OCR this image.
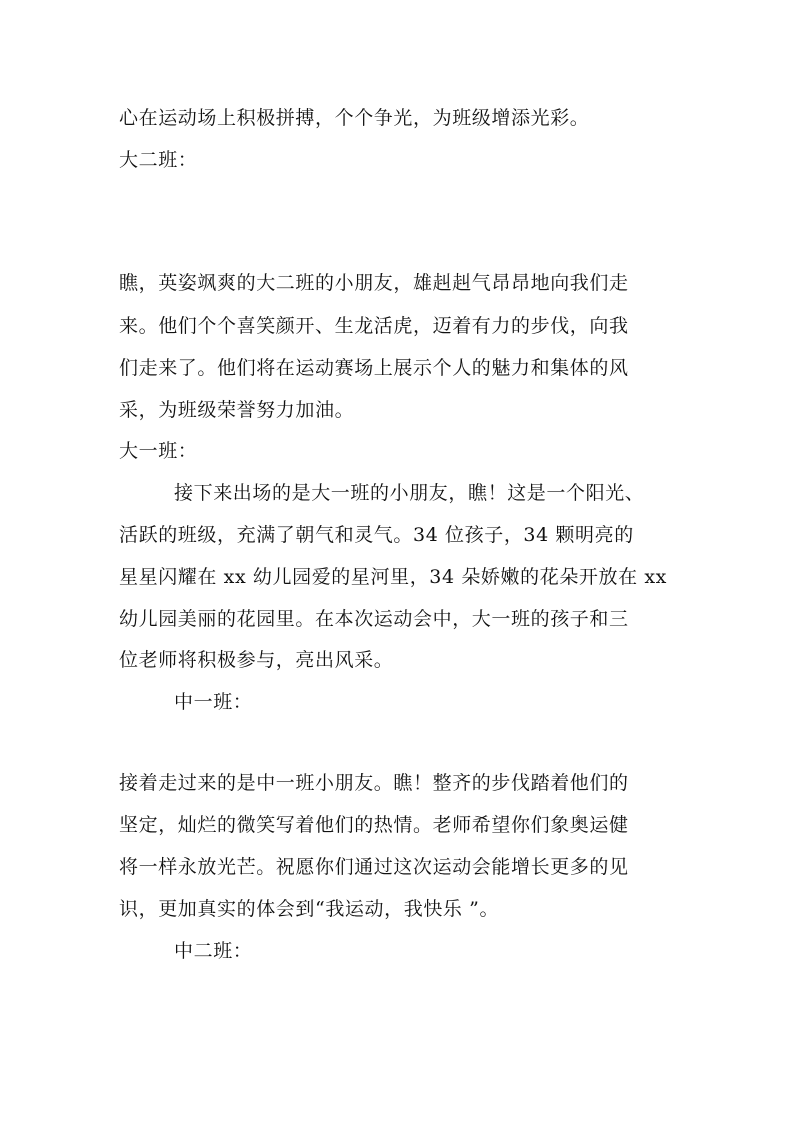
心在运动场上积极拼搏，个个争光，为班级增添光彩。
大二班：
瞧，英姿飒爽的大二班的小朋友，雄赳赳气昂昂地向我们走
来。他们个个喜笑颜开、生龙活虎，迈着有力的步伐，向我
们走来了。他们将在运动赛场上展示个人的魅力和集体的风
采，为班级荣誉努力加油。
大一班：
接下来出场的是大一班的小朋友，瞧！这是一个阳光、
活跃的班级，充满了朝气和灵气。34 位孩子，34 颗明亮的
星星闪耀在 xx 幼儿园爱的星河里，34 朵娇嫩的花朵开放在 xx
幼儿园美丽的花园里。在本次运动会中，大一班的孩子和三
位老师将积极参与，亮出风采。
中一班：
接着走过来的是中一班小朋友。瞧！整齐的步伐踏着他们的
坚定，灿烂的微笑写着他们的热情。老师希望你们象奥运健
将一样永放光芒。祝愿你们通过这次运动会能增长更多的见
识，更加真实的体会到“我运动，我快乐 ”。
中二班：
